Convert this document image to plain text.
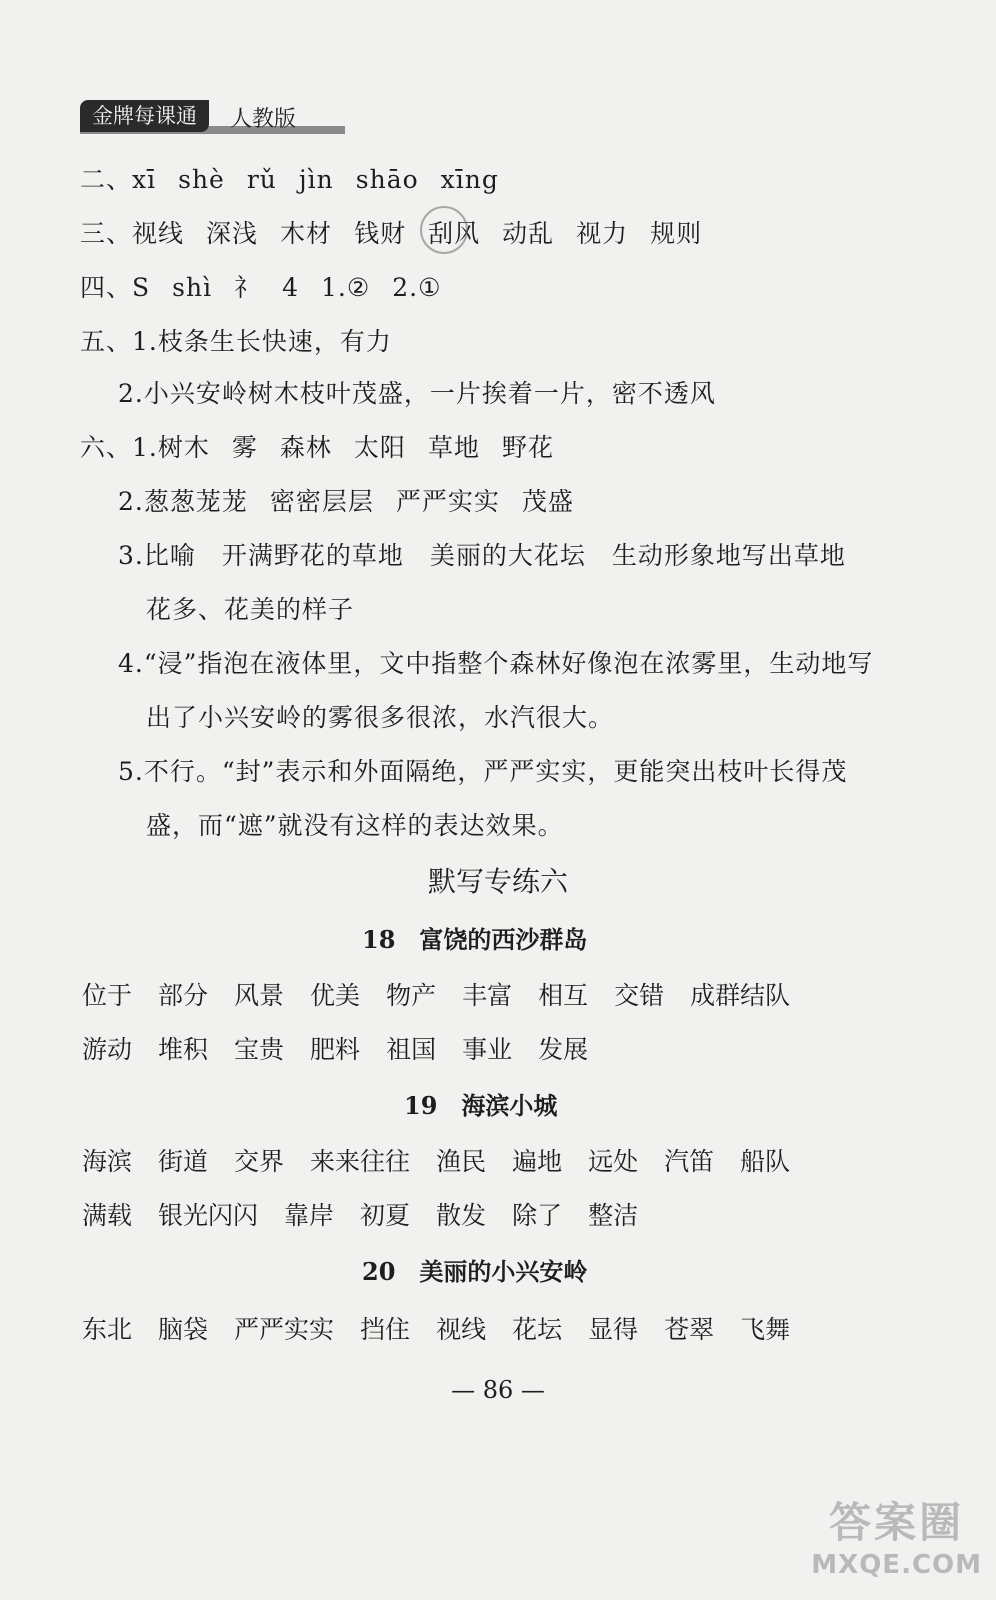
金牌每课通	人教版
二、xī shè rǔ jìn shāo xīng
三、视线 深浅 木材 钱财 刮风 动乱 视力 规则
四、S shì 礻 4 1.② 2.①
五、1.枝条生长快速，有力
2.小兴安岭树木枝叶茂盛，一片挨着一片，密不透风
六、1.树木 雾 森林 太阳 草地 野花
2.葱葱茏茏 密密层层 严严实实 茂盛
3.比喻　开满野花的草地　美丽的大花坛　生动形象地写出草地
花多、花美的样子
4.“浸”指泡在液体里，文中指整个森林好像泡在浓雾里，生动地写
出了小兴安岭的雾很多很浓，水汽很大。
5.不行。“封”表示和外面隔绝，严严实实，更能突出枝叶长得茂
盛，而“遮”就没有这样的表达效果。
默写专练六
18 富饶的西沙群岛
位于 部分 风景 优美 物产 丰富 相互 交错 成群结队
游动 堆积 宝贵 肥料 祖国 事业 发展
19 海滨小城
海滨 街道 交界 来来往往 渔民 遍地 远处 汽笛 船队
满载 银光闪闪 靠岸 初夏 散发 除了 整洁
20 美丽的小兴安岭
东北 脑袋 严严实实 挡住 视线 花坛 显得 苍翠 飞舞
— 86 —
答案圈
MXQE.COM
